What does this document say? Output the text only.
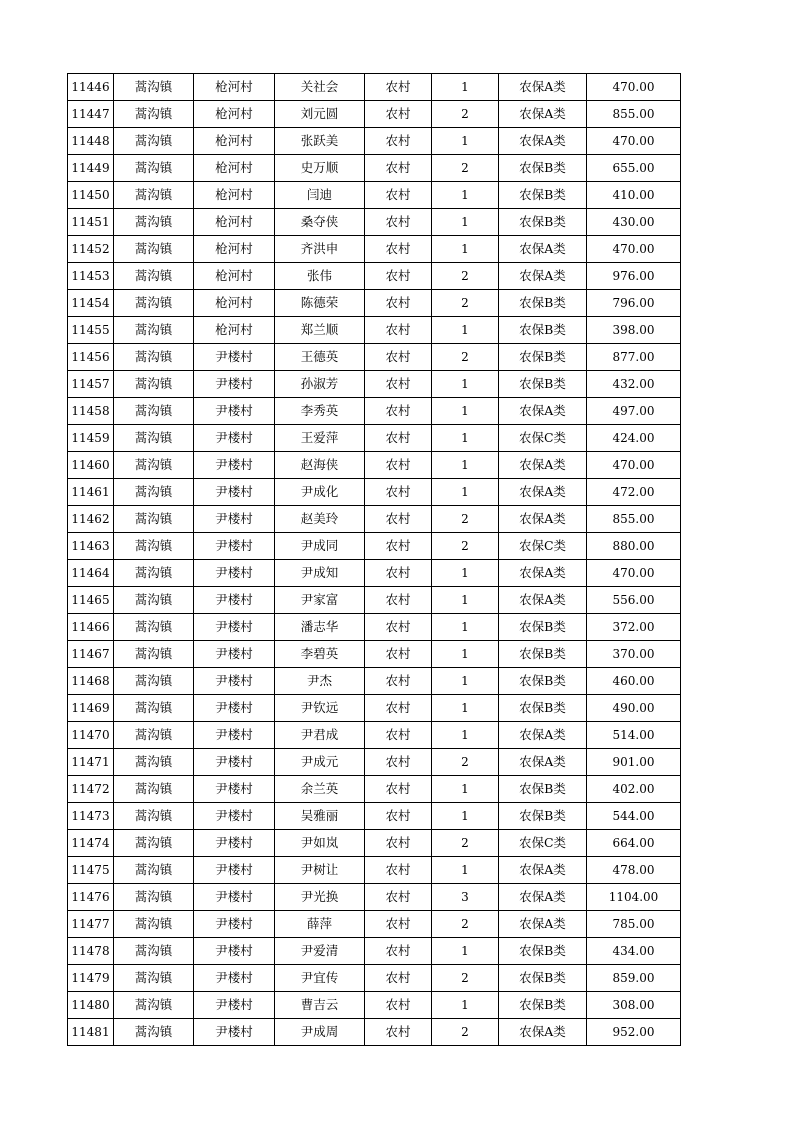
11446	蒿沟镇	枪河村	关社会	农村	1	农保A类	470.00
11447	蒿沟镇	枪河村	刘元圆	农村	2	农保A类	855.00
11448	蒿沟镇	枪河村	张跃美	农村	1	农保A类	470.00
11449	蒿沟镇	枪河村	史万顺	农村	2	农保B类	655.00
11450	蒿沟镇	枪河村	闫迪	农村	1	农保B类	410.00
11451	蒿沟镇	枪河村	桑夺侠	农村	1	农保B类	430.00
11452	蒿沟镇	枪河村	齐洪申	农村	1	农保A类	470.00
11453	蒿沟镇	枪河村	张伟	农村	2	农保A类	976.00
11454	蒿沟镇	枪河村	陈德荣	农村	2	农保B类	796.00
11455	蒿沟镇	枪河村	郑兰顺	农村	1	农保B类	398.00
11456	蒿沟镇	尹楼村	王德英	农村	2	农保B类	877.00
11457	蒿沟镇	尹楼村	孙淑芳	农村	1	农保B类	432.00
11458	蒿沟镇	尹楼村	李秀英	农村	1	农保A类	497.00
11459	蒿沟镇	尹楼村	王爱萍	农村	1	农保C类	424.00
11460	蒿沟镇	尹楼村	赵海侠	农村	1	农保A类	470.00
11461	蒿沟镇	尹楼村	尹成化	农村	1	农保A类	472.00
11462	蒿沟镇	尹楼村	赵美玲	农村	2	农保A类	855.00
11463	蒿沟镇	尹楼村	尹成同	农村	2	农保C类	880.00
11464	蒿沟镇	尹楼村	尹成知	农村	1	农保A类	470.00
11465	蒿沟镇	尹楼村	尹家富	农村	1	农保A类	556.00
11466	蒿沟镇	尹楼村	潘志华	农村	1	农保B类	372.00
11467	蒿沟镇	尹楼村	李碧英	农村	1	农保B类	370.00
11468	蒿沟镇	尹楼村	尹杰	农村	1	农保B类	460.00
11469	蒿沟镇	尹楼村	尹钦远	农村	1	农保B类	490.00
11470	蒿沟镇	尹楼村	尹君成	农村	1	农保A类	514.00
11471	蒿沟镇	尹楼村	尹成元	农村	2	农保A类	901.00
11472	蒿沟镇	尹楼村	余兰英	农村	1	农保B类	402.00
11473	蒿沟镇	尹楼村	吴雅丽	农村	1	农保B类	544.00
11474	蒿沟镇	尹楼村	尹如岚	农村	2	农保C类	664.00
11475	蒿沟镇	尹楼村	尹树让	农村	1	农保A类	478.00
11476	蒿沟镇	尹楼村	尹光换	农村	3	农保A类	1104.00
11477	蒿沟镇	尹楼村	薛萍	农村	2	农保A类	785.00
11478	蒿沟镇	尹楼村	尹爱清	农村	1	农保B类	434.00
11479	蒿沟镇	尹楼村	尹宜传	农村	2	农保B类	859.00
11480	蒿沟镇	尹楼村	曹吉云	农村	1	农保B类	308.00
11481	蒿沟镇	尹楼村	尹成周	农村	2	农保A类	952.00
